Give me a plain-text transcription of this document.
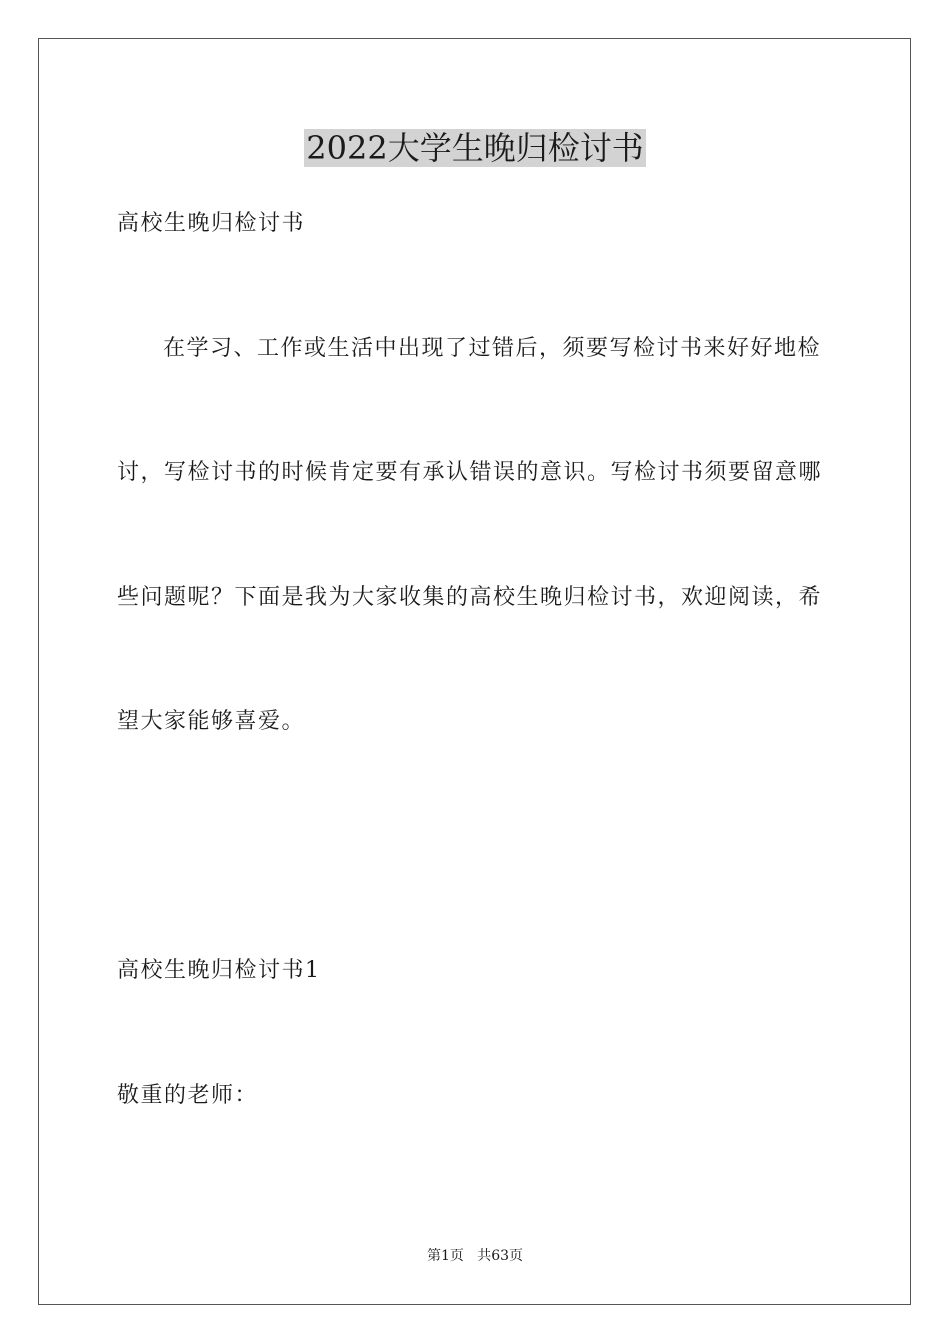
2022大学生晚归检讨书
高校生晚归检讨书
在学习、工作或生活中出现了过错后，须要写检讨书来好好地检
讨，写检讨书的时候肯定要有承认错误的意识。写检讨书须要留意哪
些问题呢？下面是我为大家收集的高校生晚归检讨书，欢迎阅读，希
望大家能够喜爱。
高校生晚归检讨书1
敬重的老师：
第1页   共63页
